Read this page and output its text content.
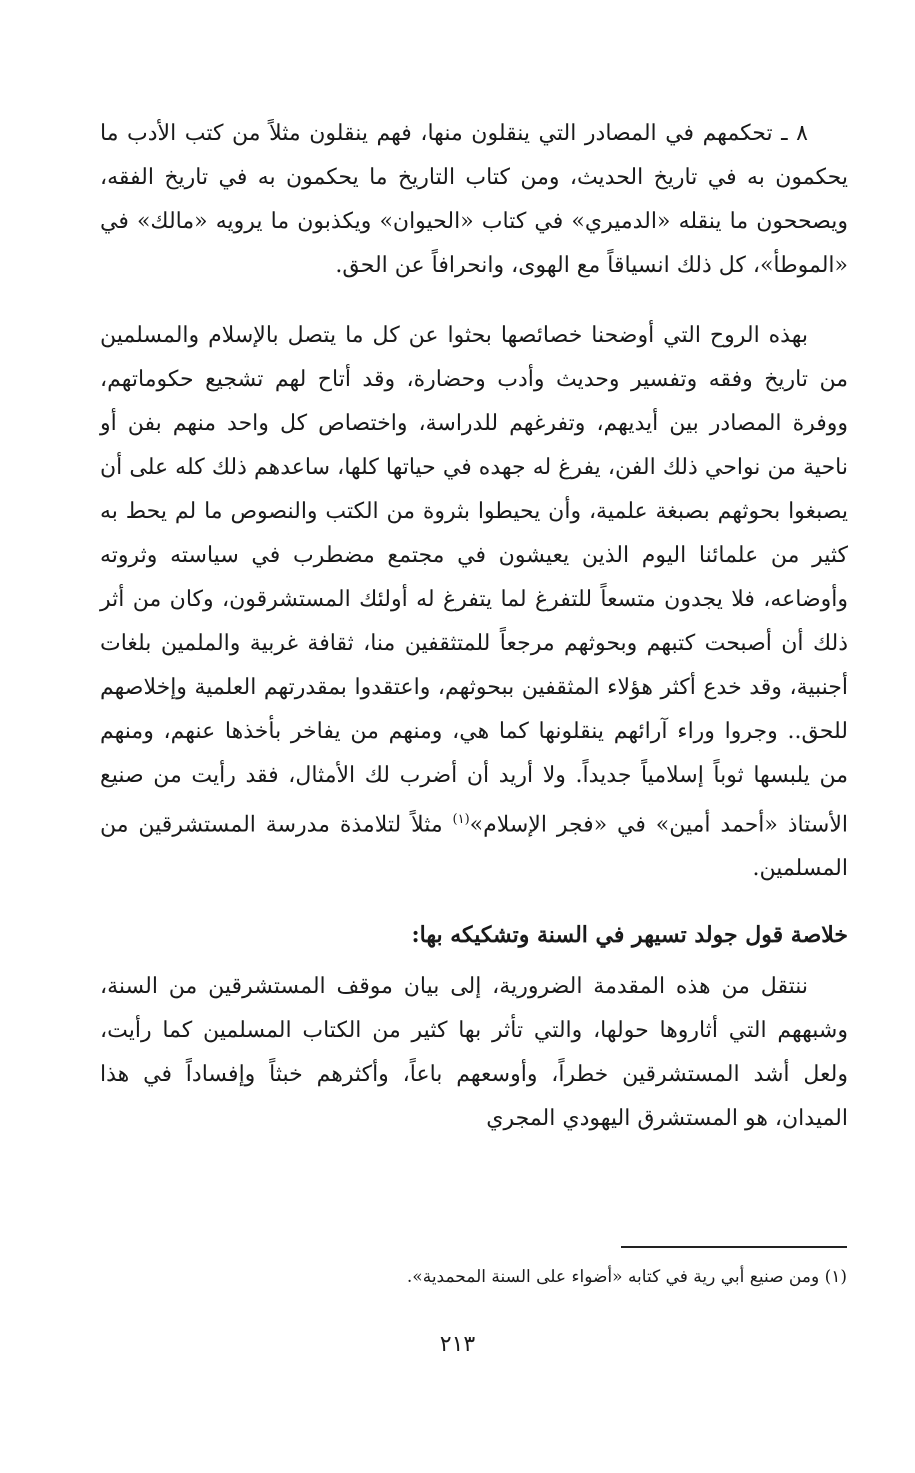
٨ ـ تحكمهم في المصادر التي ينقلون منها، فهم ينقلون مثلاً من كتب الأدب ما يحكمون به في تاريخ الحديث، ومن كتاب التاريخ ما يحكمون به في تاريخ الفقه، ويصححون ما ينقله «الدميري» في كتاب «الحيوان» ويكذبون ما يرويه «مالك» في «الموطأ»، كل ذلك انسياقاً مع الهوى، وانحرافاً عن الحق.

بهذه الروح التي أوضحنا خصائصها بحثوا عن كل ما يتصل بالإسلام والمسلمين من تاريخ وفقه وتفسير وحديث وأدب وحضارة، وقد أتاح لهم تشجيع حكوماتهم، ووفرة المصادر بين أيديهم، وتفرغهم للدراسة، واختصاص كل واحد منهم بفن أو ناحية من نواحي ذلك الفن، يفرغ له جهده في حياتها كلها، ساعدهم ذلك كله على أن يصبغوا بحوثهم بصبغة علمية، وأن يحيطوا بثروة من الكتب والنصوص ما لم يحط به كثير من علمائنا اليوم الذين يعيشون في مجتمع مضطرب في سياسته وثروته وأوضاعه، فلا يجدون متسعاً للتفرغ لما يتفرغ له أولئك المستشرقون، وكان من أثر ذلك أن أصبحت كتبهم وبحوثهم مرجعاً للمتثقفين منا، ثقافة غربية والملمين بلغات أجنبية، وقد خدع أكثر هؤلاء المثقفين ببحوثهم، واعتقدوا بمقدرتهم العلمية وإخلاصهم للحق.. وجروا وراء آرائهم ينقلونها كما هي، ومنهم من يفاخر بأخذها عنهم، ومنهم من يلبسها ثوباً إسلامياً جديداً. ولا أريد أن أضرب لك الأمثال، فقد رأيت من صنيع الأستاذ «أحمد أمين» في «فجر الإسلام»$^{(١)}$ مثلاً لتلامذة مدرسة المستشرقين من المسلمين.

خلاصة قول جولد تسيهر في السنة وتشكيكه بها:

ننتقل من هذه المقدمة الضرورية، إلى بيان موقف المستشرقين من السنة، وشبههم التي أثاروها حولها، والتي تأثر بها كثير من الكتاب المسلمين كما رأيت، ولعل أشد المستشرقين خطراً، وأوسعهم باعاً، وأكثرهم خبثاً وإفساداً في هذا الميدان، هو المستشرق اليهودي المجري

(١) ومن صنيع أبي رية في كتابه «أضواء على السنة المحمدية».
٢١٣
